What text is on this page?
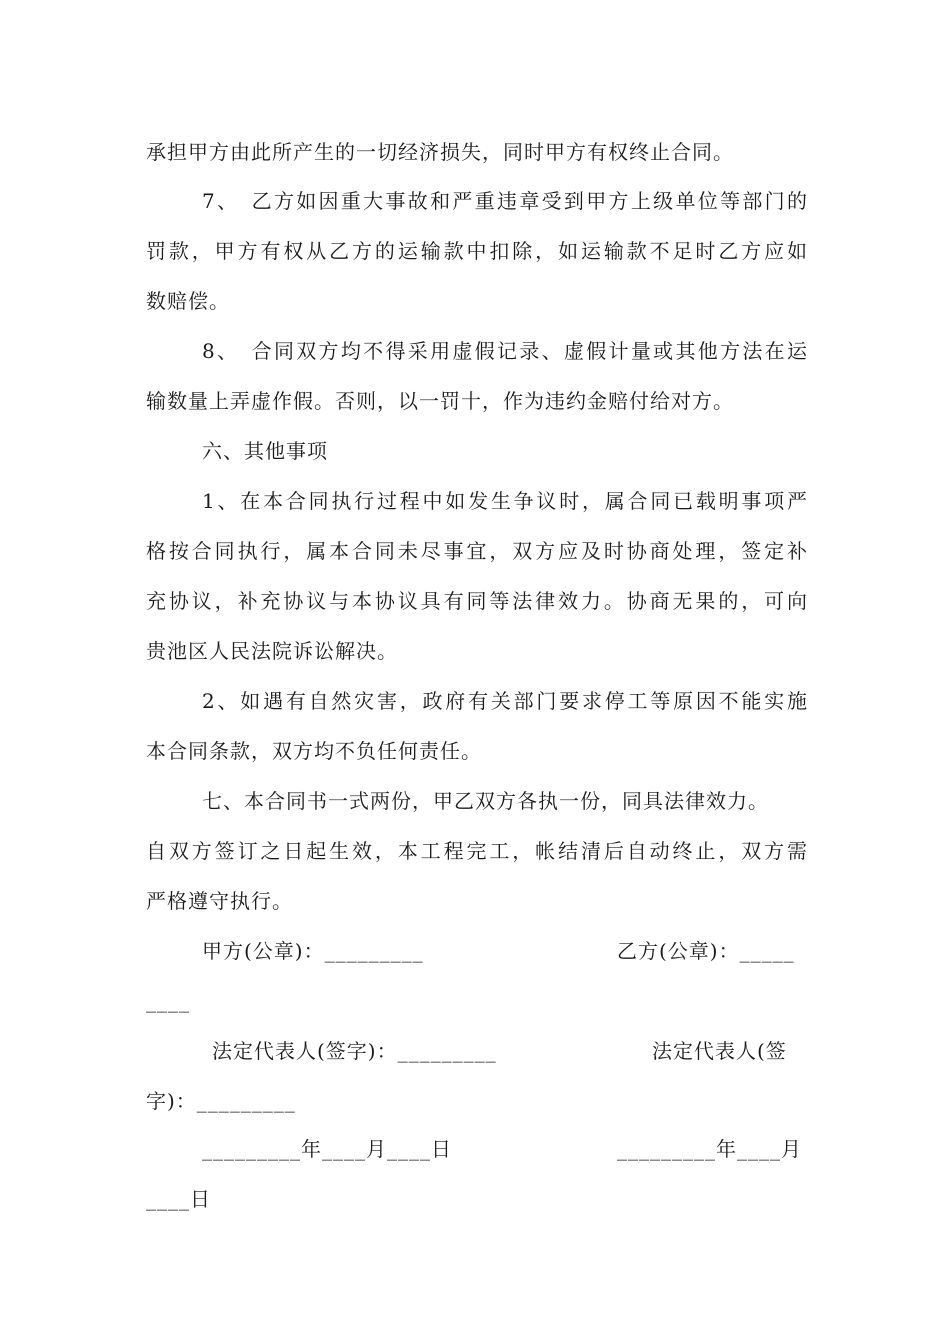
承担甲方由此所产生的一切经济损失，同时甲方有权终止合同。
7、　乙方如因重大事故和严重违章受到甲方上级单位等部门的
罚款，甲方有权从乙方的运输款中扣除，如运输款不足时乙方应如
数赔偿。
8、　合同双方均不得采用虚假记录、虚假计量或其他方法在运
输数量上弄虚作假。否则，以一罚十，作为违约金赔付给对方。
六、其他事项
1、在本合同执行过程中如发生争议时，属合同已载明事项严
格按合同执行，属本合同未尽事宜，双方应及时协商处理，签定补
充协议，补充协议与本协议具有同等法律效力。协商无果的，可向
贵池区人民法院诉讼解决。
2、如遇有自然灾害，政府有关部门要求停工等原因不能实施
本合同条款，双方均不负任何责任。
七、本合同书一式两份，甲乙双方各执一份，同具法律效力。
自双方签订之日起生效，本工程完工，帐结清后自动终止，双方需
严格遵守执行。
甲方(公章)：_________	乙方(公章)：_____
____
法定代表人(签字)：_________	法定代表人(签
字)：_________
_________年____月____日	_________年____月
____日
